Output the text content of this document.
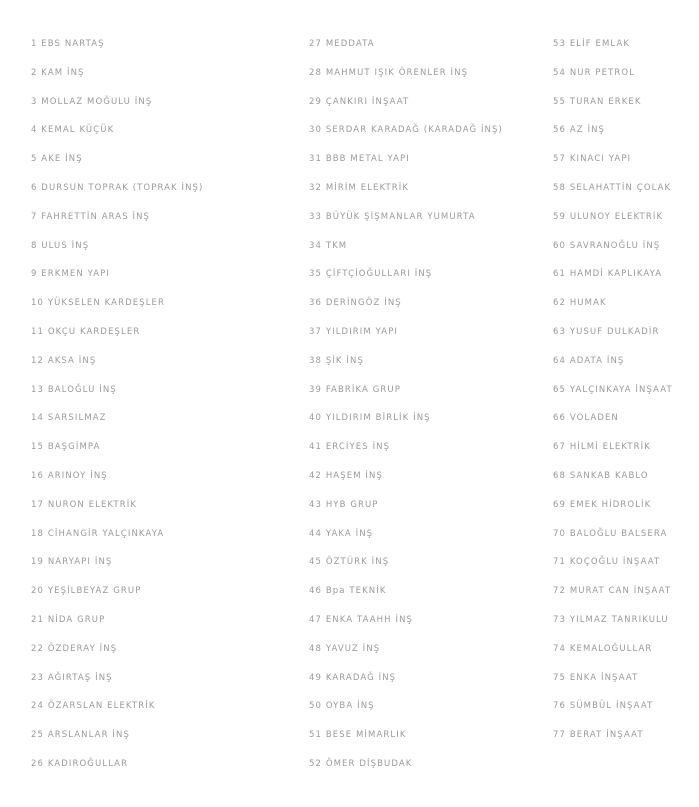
1 EBS NARTAŞ
2 KAM İNŞ
3 MOLLAZ MOĞULU İNŞ
4 KEMAL KÜÇÜK
5 AKE İNŞ
6 DURSUN TOPRAK (TOPRAK İNŞ)
7 FAHRETTİN ARAS İNŞ
8 ULUS İNŞ
9 ERKMEN YAPI
10 YÜKSELEN KARDEŞLER
11 OKÇU KARDEŞLER
12 AKSA İNŞ
13 BALOĞLU İNŞ
14 SARSILMAZ
15 BAŞGİMPA
16 ARINOY İNŞ
17 NURON ELEKTRİK
18 CİHANGİR YALÇINKAYA
19 NARYAPI İNŞ
20 YEŞİLBEYAZ GRUP
21 NİDA GRUP
22 ÖZDERAY İNŞ
23 AĞIRTAŞ İNŞ
24 ÖZARSLAN ELEKTRİK
25 ARSLANLAR İNŞ
26 KADIROĞULLAR
27 MEDDATA
28 MAHMUT IŞIK ÖRENLER İNŞ
29 ÇANKIRI İNŞAAT
30 SERDAR KARADAĞ (KARADAĞ İNŞ)
31 BBB METAL YAPI
32 MİRİM ELEKTRİK
33 BÜYÜK ŞİŞMANLAR YUMURTA
34 TKM
35 ÇİFTÇİOĞULLARI İNŞ
36 DERİNGÖZ İNŞ
37 YILDIRIM YAPI
38 ŞİK İNŞ
39 FABRİKA GRUP
40 YILDIRIM BİRLİK İNŞ
41 ERCİYES İNŞ
42 HAŞEM İNŞ
43 HYB GRUP
44 YAKA İNŞ
45 ÖZTÜRK İNŞ
46 Bpa TEKNİK
47 ENKA TAAHH İNŞ
48 YAVUZ İNŞ
49 KARADAĞ İNŞ
50 OYBA İNŞ
51 BESE MİMARLIK
52 ÖMER DİŞBUDAK
53 ELİF EMLAK
54 NUR PETROL
55 TURAN ERKEK
56 AZ İNŞ
57 KINACI YAPI
58 SELAHATTİN ÇOLAK
59 ULUNOY ELEKTRİK
60 SAVRANOĞLU İNŞ
61 HAMDİ KAPLIKAYA
62 HUMAK
63 YUSUF DULKADİR
64 ADATA İNŞ
65 YALÇINKAYA İNŞAAT
66 VOLADEN
67 HİLMİ ELEKTRİK
68 SANKAB KABLO
69 EMEK HİDROLİK
70 BALOĞLU BALSERA
71 KOÇOĞLU İNŞAAT
72 MURAT CAN İNŞAAT
73 YILMAZ TANRIKULU
74 KEMALOĞULLAR
75 ENKA İNŞAAT
76 SÜMBÜL İNŞAAT
77 BERAT İNŞAAT
